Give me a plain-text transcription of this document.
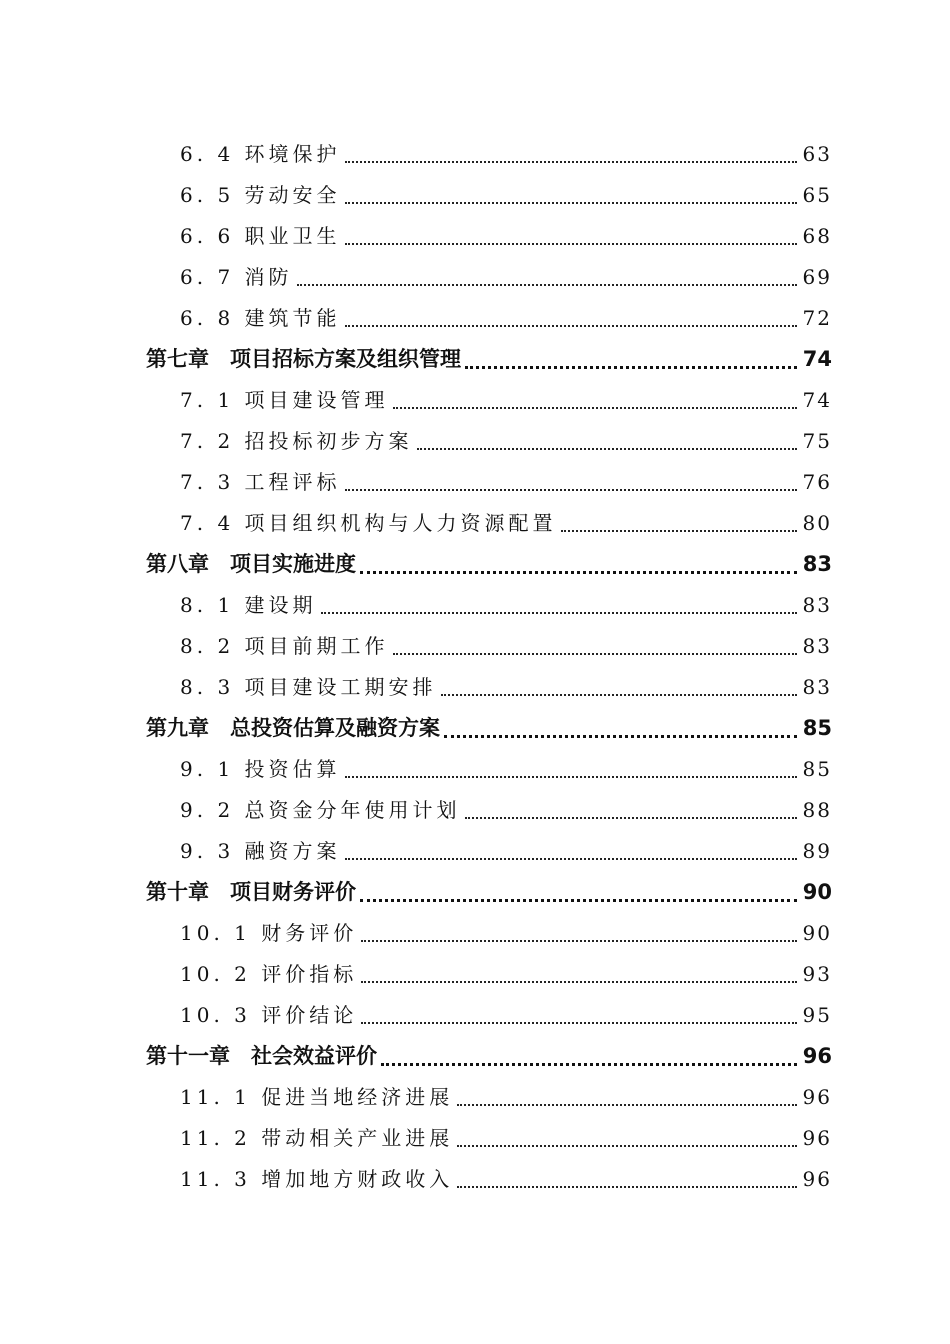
6. 4 环境保护	63
6. 5 劳动安全	65
6. 6 职业卫生	68
6. 7 消防	69
6. 8 建筑节能	72
第七章　项目招标方案及组织管理	74
7. 1 项目建设管理	74
7. 2 招投标初步方案	75
7. 3 工程评标	76
7. 4 项目组织机构与人力资源配置	80
第八章　项目实施进度	83
8. 1 建设期	83
8. 2 项目前期工作	83
8. 3 项目建设工期安排	83
第九章　总投资估算及融资方案	85
9. 1 投资估算	85
9. 2 总资金分年使用计划	88
9. 3 融资方案	89
第十章　项目财务评价	90
10. 1 财务评价	90
10. 2 评价指标	93
10. 3 评价结论	95
第十一章　社会效益评价	96
11. 1 促进当地经济进展	96
11. 2 带动相关产业进展	96
11. 3 增加地方财政收入	96
